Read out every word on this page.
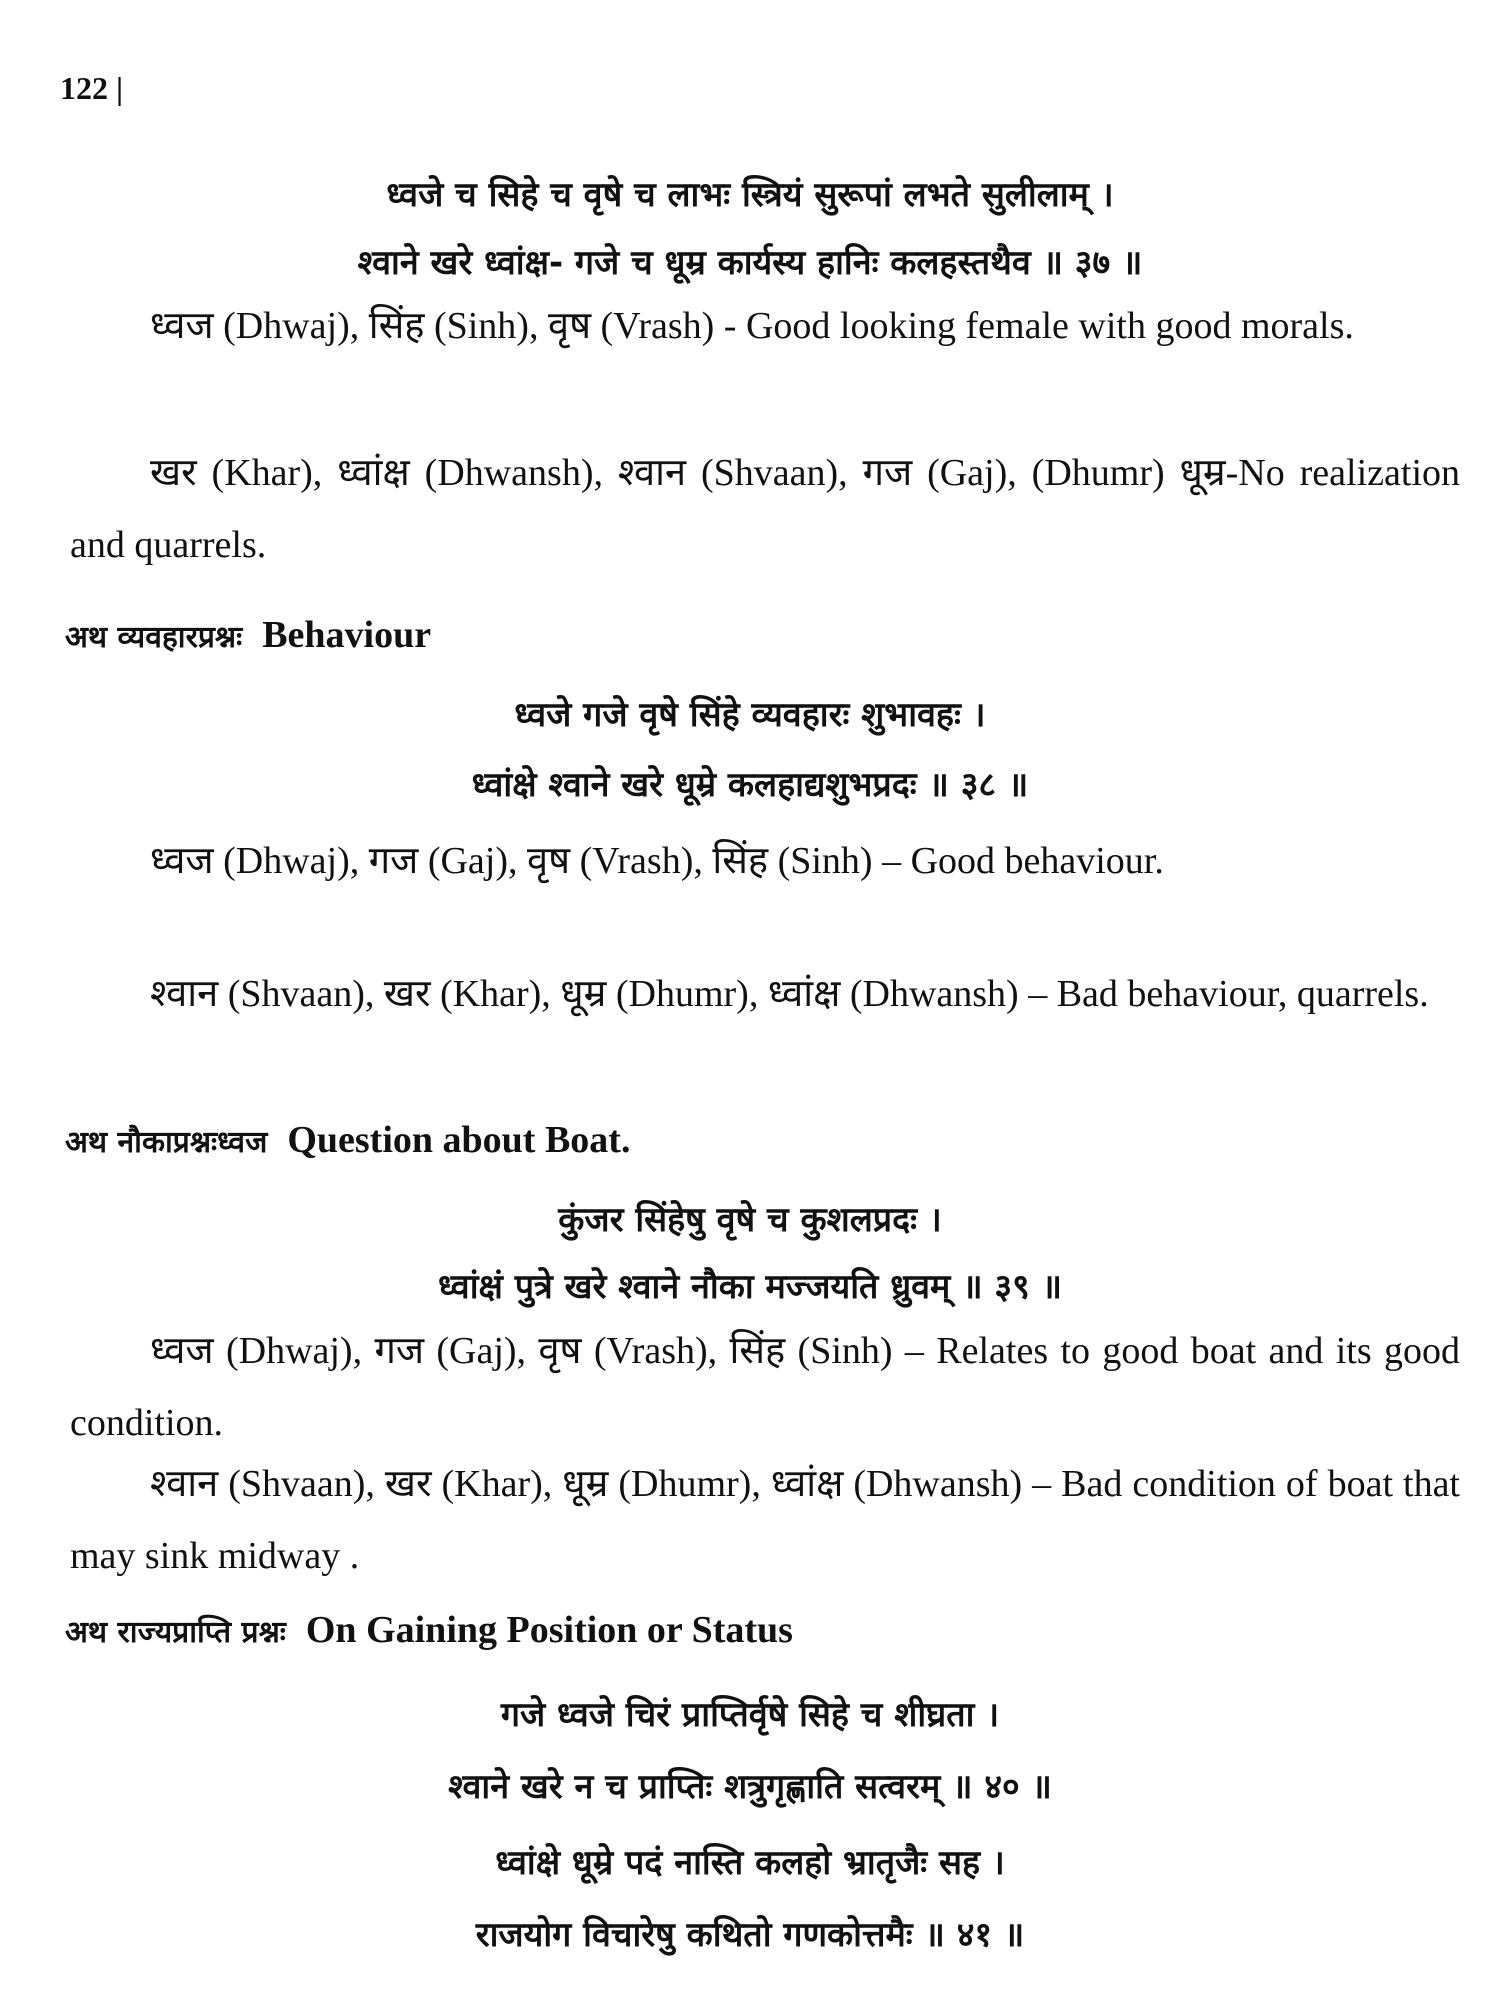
122 |
ध्वजे च सिहे च वृषे च लाभः स्त्रियं सुरूपां लभते सुलीलाम् ।
श्वाने खरे ध्वांक्ष- गजे च धूम्र कार्यस्य हानिः कलहस्तथैव ॥ ३७ ॥
ध्वज (Dhwaj), सिंह (Sinh), वृष (Vrash) - Good looking female with good morals.
खर (Khar), ध्वांक्ष (Dhwansh), श्वान (Shvaan), गज (Gaj), (Dhumr) धूम्र-No realization and quarrels.
अथ व्यवहारप्रश्नः Behaviour
ध्वजे गजे वृषे सिंहे व्यवहारः शुभावहः ।
ध्वांक्षे श्वाने खरे धूम्रे कलहाद्यशुभप्रदः ॥ ३८ ॥
ध्वज (Dhwaj), गज (Gaj), वृष (Vrash), सिंह (Sinh) – Good behaviour.
श्वान (Shvaan), खर (Khar), धूम्र (Dhumr), ध्वांक्ष (Dhwansh) – Bad behaviour, quarrels.
अथ नौकाप्रश्नःध्वज Question about Boat.
कुंजर सिंहेषु वृषे च कुशलप्रदः ।
ध्वांक्षं पुत्रे खरे श्वाने नौका मज्जयति ध्रुवम् ॥ ३९ ॥
ध्वज (Dhwaj), गज (Gaj), वृष (Vrash), सिंह (Sinh) – Relates to good boat and its good condition.
श्वान (Shvaan), खर (Khar), धूम्र (Dhumr), ध्वांक्ष (Dhwansh) – Bad condition of boat that may sink midway .
अथ राज्यप्राप्ति प्रश्नः On Gaining Position or Status
गजे ध्वजे चिरं प्राप्तिर्वृषे सिहे च शीघ्रता ।
श्वाने खरे न च प्राप्तिः शत्रुगृह्णाति सत्वरम् ॥ ४० ॥
ध्वांक्षे धूम्रे पदं नास्ति कलहो भ्रातृजैः सह ।
राजयोग विचारेषु कथितो गणकोत्तमैः ॥ ४१ ॥
